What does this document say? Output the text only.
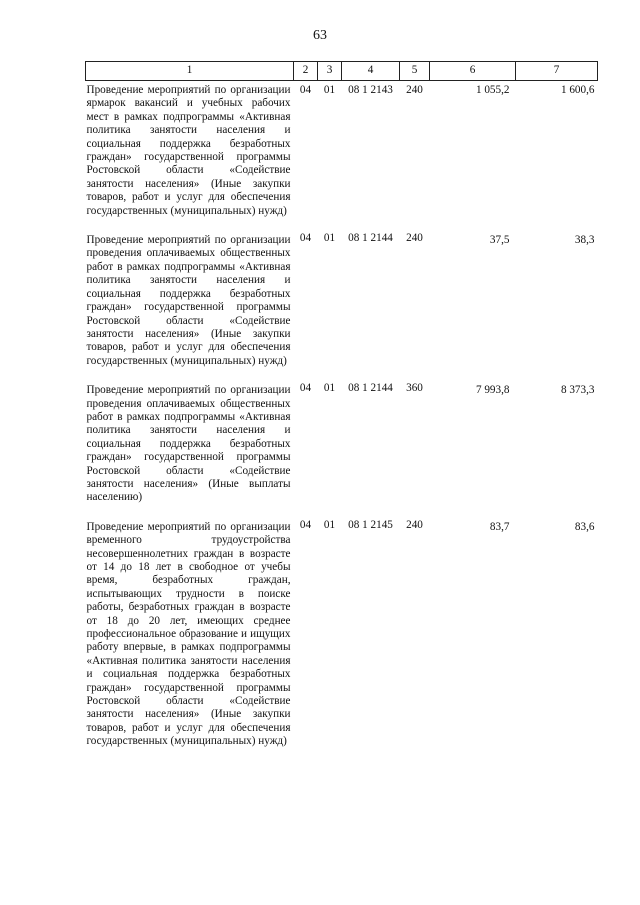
63
1	2	3	4	5	6	7
Проведение мероприятий по организации ярмарок вакансий и учебных рабочих мест в рамках подпрограммы «Активная политика занятости населения и социальная поддержка безработных граждан» государственной программы Ростовской области «Содействие занятости населения» (Иные закупки товаров, работ и услуг для обеспечения государственных (муниципальных) нужд)	04	01	08 1 2143	240	1 055,2	1 600,6
Проведение мероприятий по организации проведения оплачиваемых общественных работ в рамках подпрограммы «Активная политика занятости населения и социальная поддержка безработных граждан» государственной программы Ростовской области «Содействие занятости населения» (Иные закупки товаров, работ и услуг для обеспечения государственных (муниципальных) нужд)	04	01	08 1 2144	240	37,5	38,3
Проведение мероприятий по организации проведения оплачиваемых общественных работ в рамках подпрограммы «Активная политика занятости населения и социальная поддержка безработных граждан» государственной программы Ростовской области «Содействие занятости населения» (Иные выплаты населению)	04	01	08 1 2144	360	7 993,8	8 373,3
Проведение мероприятий по организации временного трудоустройства несовершеннолетних граждан в возрасте от 14 до 18 лет в свободное от учебы время, безработных граждан, испытывающих трудности в поиске работы, безработных граждан в возрасте от 18 до 20 лет, имеющих среднее профессиональное образование и ищущих работу впервые, в рамках подпрограммы «Активная политика занятости населения и социальная поддержка безработных граждан» государственной программы Ростовской области «Содействие занятости населения» (Иные закупки товаров, работ и услуг для обеспечения государственных (муниципальных) нужд)	04	01	08 1 2145	240	83,7	83,6
